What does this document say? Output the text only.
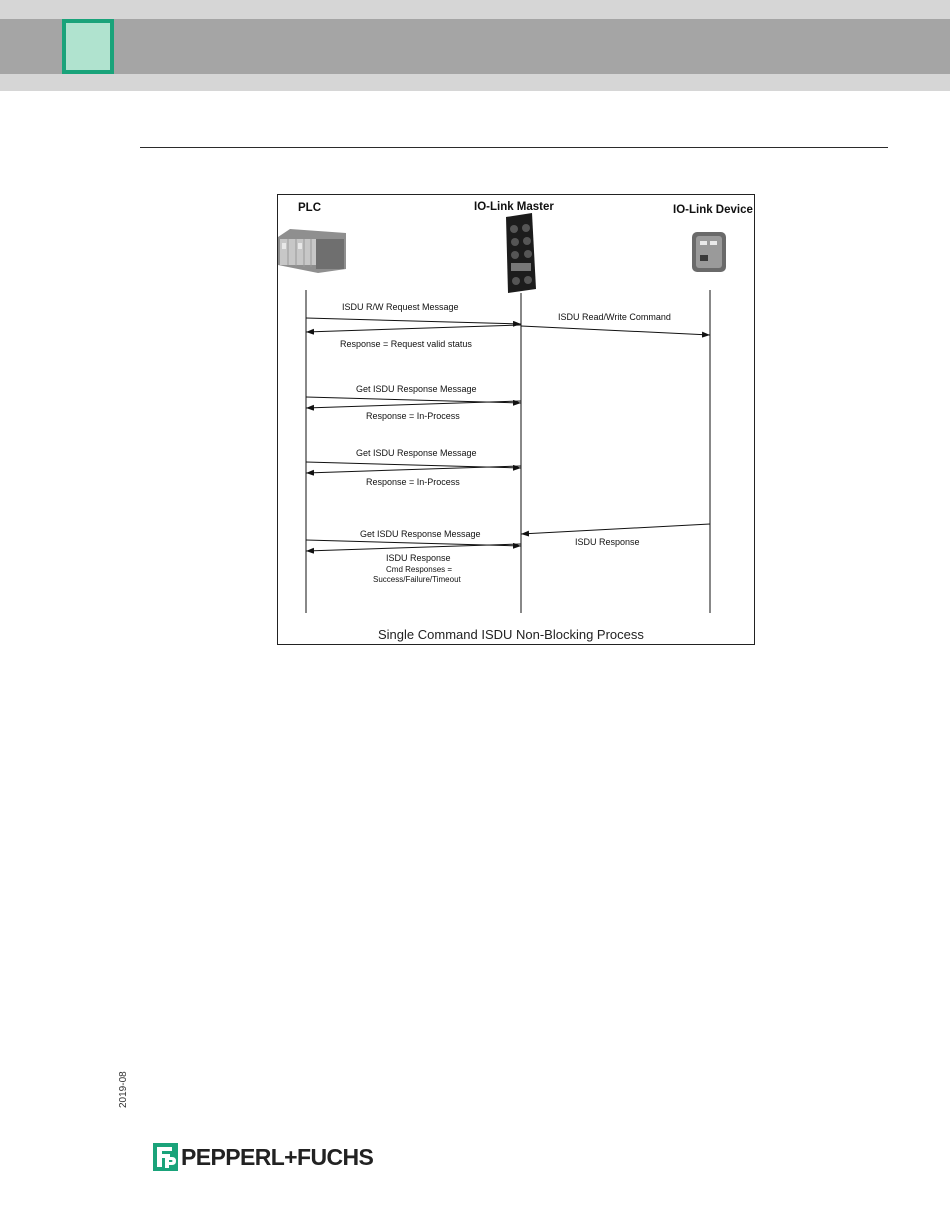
PLC	IO-Link Master	IO-Link Device
ISDU R/W Request Message
ISDU Read/Write Command
Response = Request valid status
Get ISDU Response Message
Response = In-Process
Get ISDU Response Message
Response = In-Process
Get ISDU Response Message
ISDU Response
ISDU Response
Cmd Responses =
Success/Failure/Timeout
Single Command ISDU Non-Blocking Process
2019-08
PEPPERL+FUCHS
